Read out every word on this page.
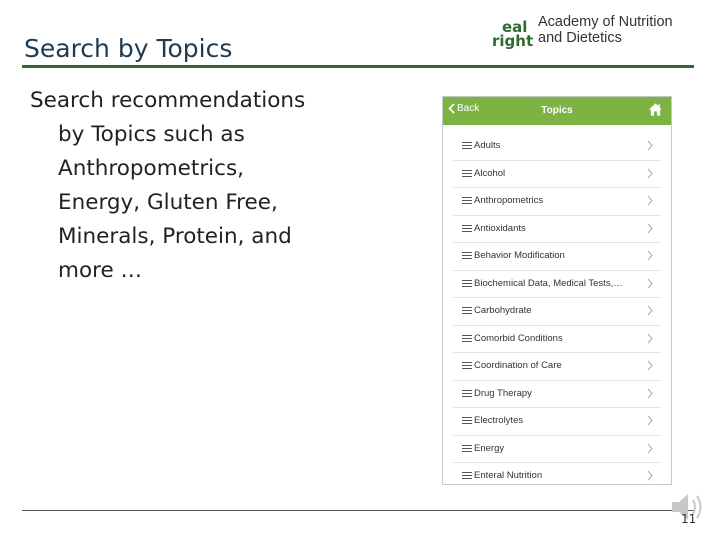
Search by Topics
eal
right
Academy of Nutrition
and Dietetics
Search recommendations
by Topics such as
Anthropometrics,
Energy, Gluten Free,
Minerals, Protein, and
more …
Back	Topics
Adults
Alcohol
Anthropometrics
Antioxidants
Behavior Modification
Biochemical Data, Medical Tests,…
Carbohydrate
Comorbid Conditions
Coordination of Care
Drug Therapy
Electrolytes
Energy
Enteral Nutrition
11
